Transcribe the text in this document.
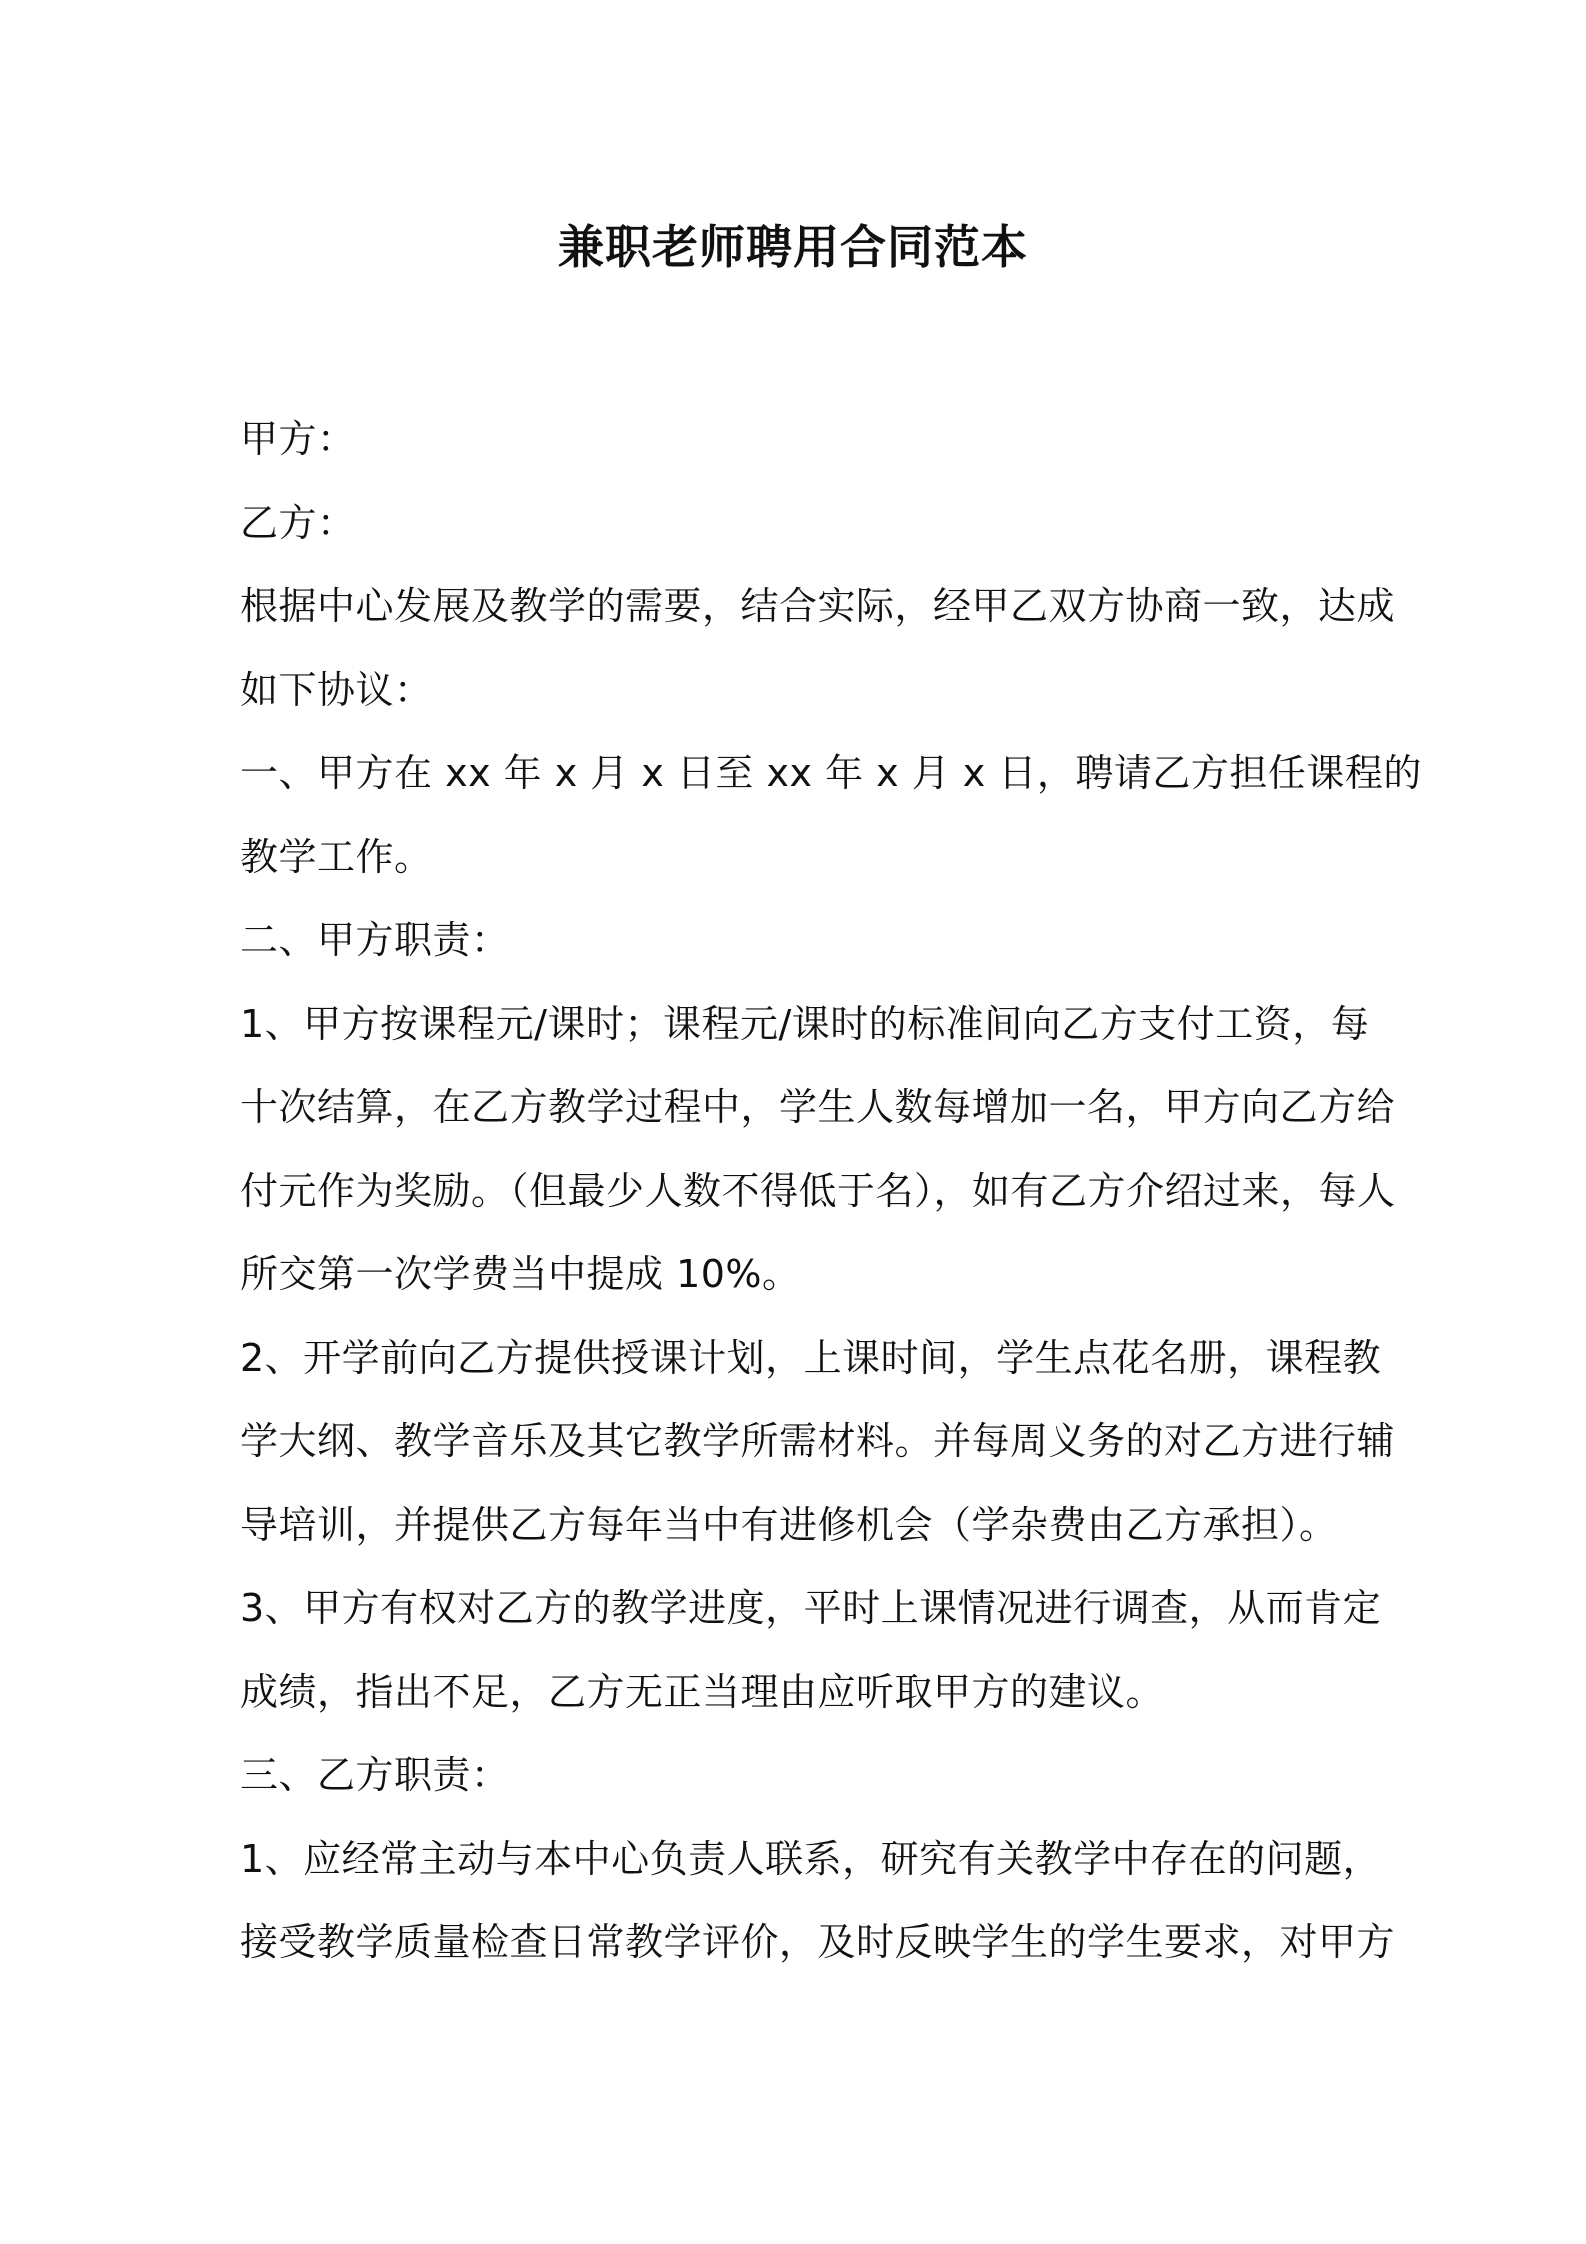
兼职老师聘用合同范本
甲方：
乙方：
根据中心发展及教学的需要，结合实际，经甲乙双方协商一致，达成
如下协议：
一、甲方在 xx 年 x 月 x 日至 xx 年 x 月 x 日，聘请乙方担任课程的
教学工作。
二、甲方职责：
1、甲方按课程元/课时；课程元/课时的标准间向乙方支付工资，每
十次结算，在乙方教学过程中，学生人数每增加一名，甲方向乙方给
付元作为奖励。（但最少人数不得低于名），如有乙方介绍过来，每人
所交第一次学费当中提成 10%。
2、开学前向乙方提供授课计划，上课时间，学生点花名册，课程教
学大纲、教学音乐及其它教学所需材料。并每周义务的对乙方进行辅
导培训，并提供乙方每年当中有进修机会（学杂费由乙方承担）。
3、甲方有权对乙方的教学进度，平时上课情况进行调查，从而肯定
成绩，指出不足，乙方无正当理由应听取甲方的建议。
三、乙方职责：
1、应经常主动与本中心负责人联系，研究有关教学中存在的问题，
接受教学质量检查日常教学评价，及时反映学生的学生要求，对甲方
